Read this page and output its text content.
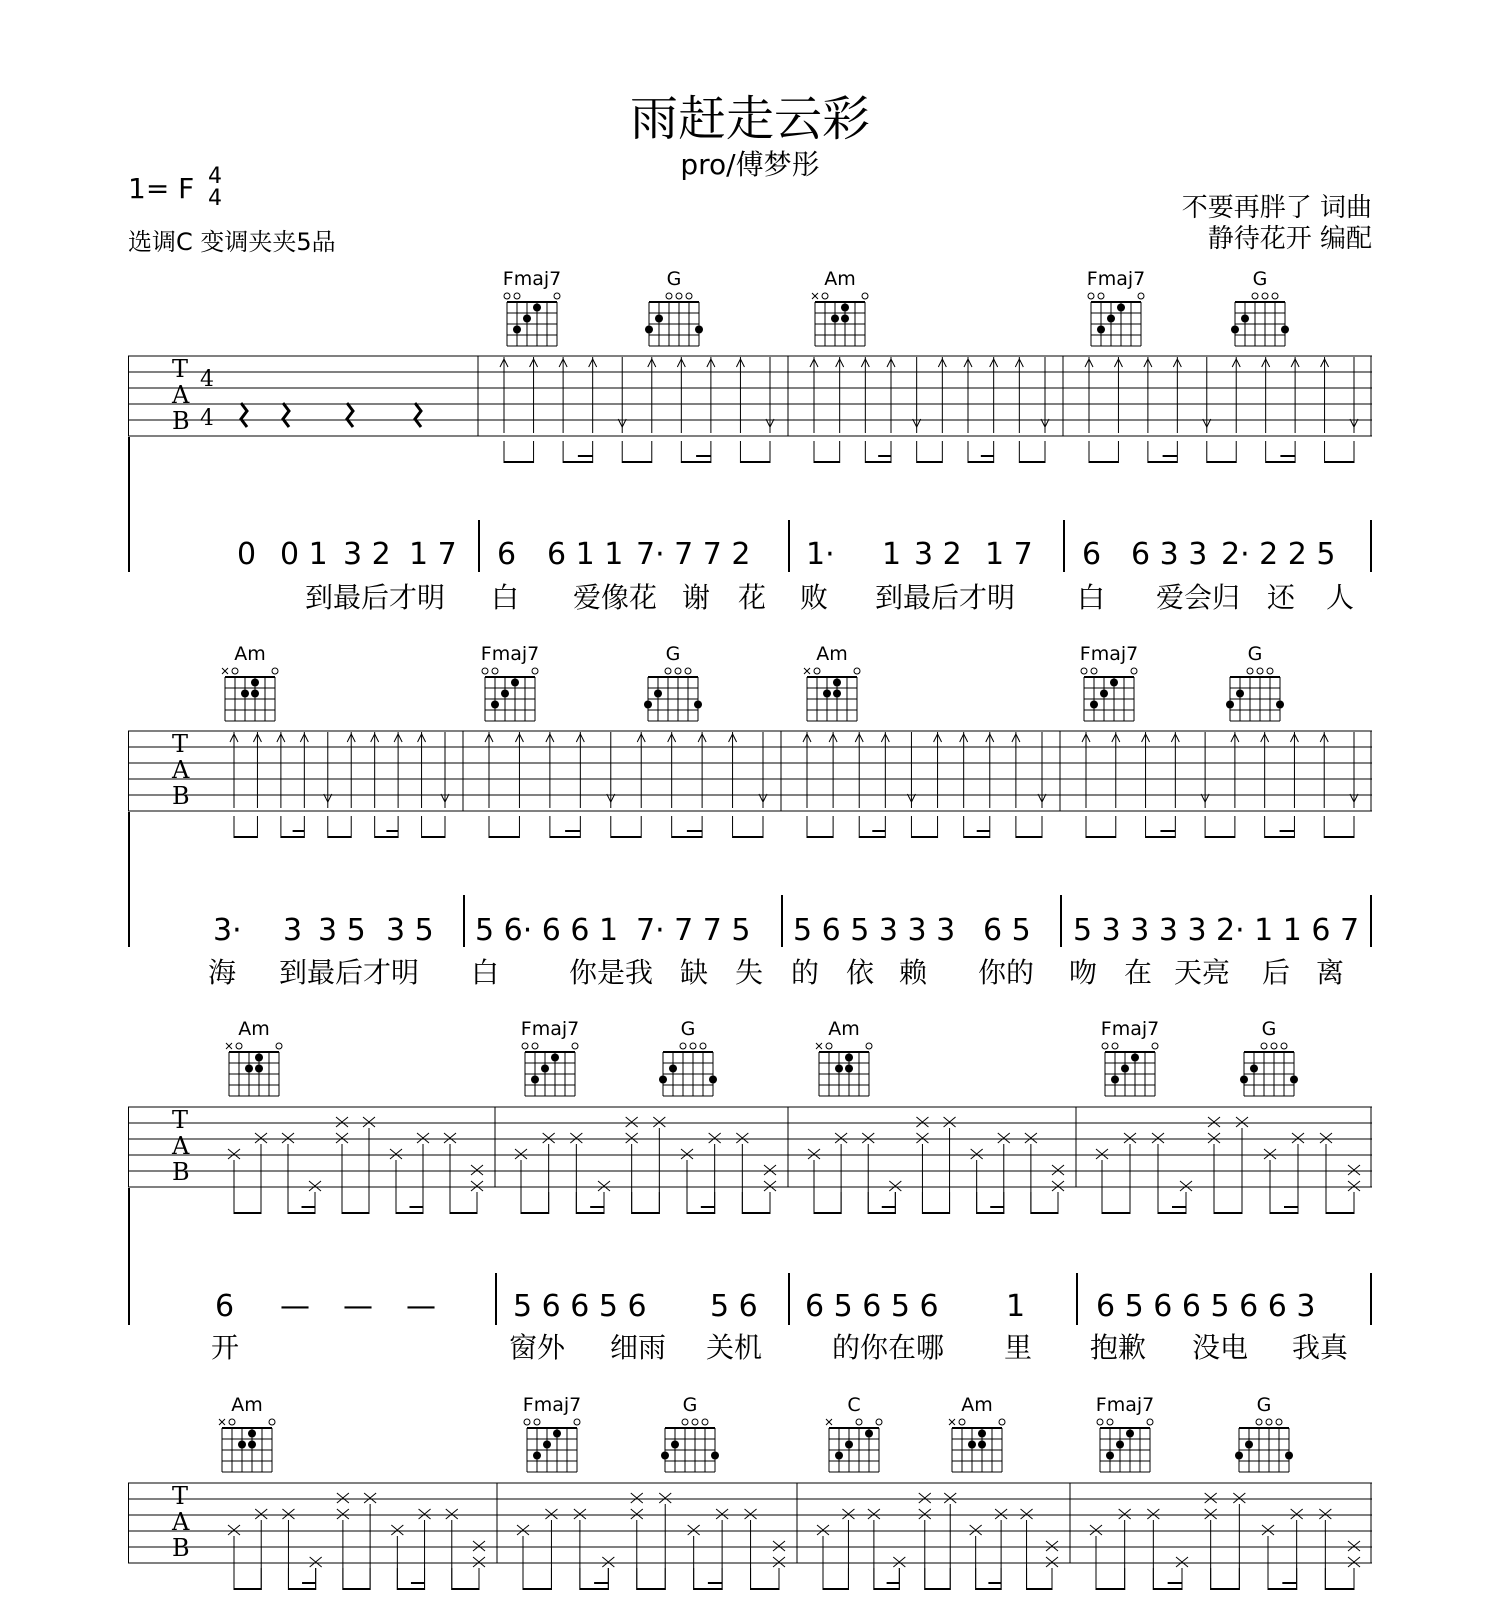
雨赶走云彩
pro/傅梦彤
1= F 4
4
选调C 变调夹夹5品
不要再胖了 词曲
静待花开 编配
Fmaj7	G	Am	Fmaj7	G
T
A
B
4
4
0 0 1 3 2 1 7 6 6 1 1 7· 7 7 2 1· 1 3 2 1 7 6 6 3 3 2· 2 2 5
到最后才明 白 爱像花 谢 花 败 到最后才明 白 爱会归 还 人
Am	Fmaj7	G	Am	Fmaj7	G
T
A
B
3· 3 3 5 3 5 5 6· 6 6 1 7· 7 7 5 5 6 5 3 3 3 6 5 5 3 3 3 3 2· 1 1 6 7
海 到最后才明 白 你是我 缺 失 的 依 赖 你的 吻 在 天亮 后 离
Am	Fmaj7	G	Am	Fmaj7	G
T
A
B
6 — — —	5 6 6 5 6 5 6 6 5 6 5 6 1 6 5 6 6 5 6 6 3
开	窗外 细雨 关机 的你在哪 里 抱歉 没电 我真
Am	Fmaj7	G	C	Am	Fmaj7	G
T
A
B
